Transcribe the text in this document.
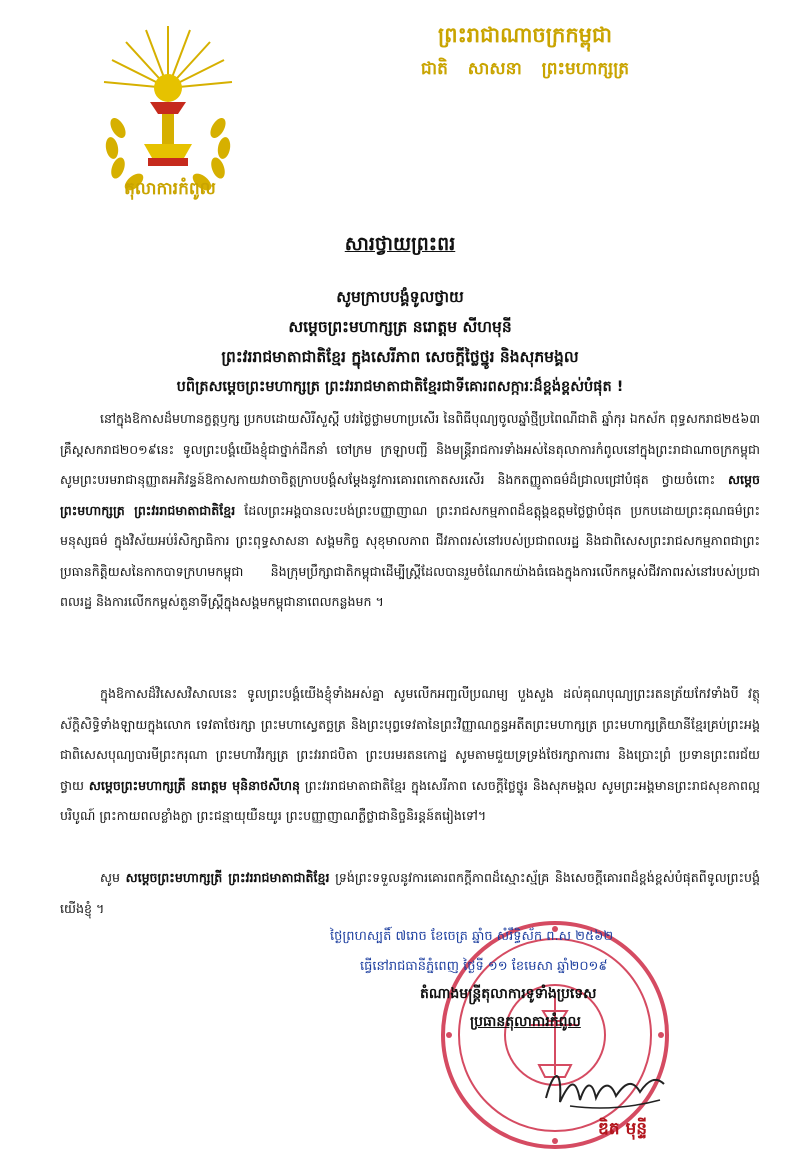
តុលាការកំពូល
ព្រះរាជាណាចក្រកម្ពុជា
ជាតិ សាសនា ព្រះមហាក្សត្រ
សារថ្វាយព្រះពរ
សូមក្រាបបង្គំទូលថ្វាយ
សម្តេចព្រះមហាក្សត្រ នរោត្តម សីហមុនី
ព្រះវររាជមាតាជាតិខ្មែរ ក្នុងសេរីភាព សេចក្តីថ្លៃថ្នូរ និងសុភមង្គល
បពិត្រសម្តេចព្រះមហាក្សត្រ ព្រះវររាជមាតាជាតិខ្មែរជាទីគោរពសក្ការៈដ៏ខ្ពង់ខ្ពស់បំផុត !
នៅក្នុងឱកាសដ៏មហានក្ខត្តឫក្ស ប្រកបដោយសិរីសួស្តី បវរថ្លៃថ្លាមហាប្រសើរ នៃពិធីបុណ្យចូលឆ្នាំថ្មីប្រពៃណីជាតិ ឆ្នាំកុរ ឯកស័ក ពុទ្ធសករាជ២៥៦៣ គ្រឹស្តសករាជ២០១៩នេះ ទូលព្រះបង្គំយើងខ្ញុំជាថ្នាក់ដឹកនាំ ចៅក្រម ក្រឡាបញ្ជី និងមន្រ្តីរាជការទាំងអស់នៃតុលាការកំពូលនៅក្នុងព្រះរាជាណាចក្រកម្ពុជា សូមព្រះបរមរាជានុញ្ញាតអភិវន្ទន៍ឱកាសកាយវាចាចិត្តក្រាបបង្គំសម្តែងនូវការគោរពកោតសរសើរ និងកតញ្ញូតាធម៌ដ៏ជ្រាលជ្រៅបំផុត ថ្វាយចំពោះ សម្តេចព្រះមហាក្សត្រ ព្រះវររាជមាតាជាតិខ្មែរ ដែលព្រះអង្គបានលះបង់ព្រះបញ្ញាញាណ ព្រះរាជសកម្មភាពដ៏ឧត្តុង្គឧត្តមថ្លៃថ្លាបំផុត ប្រកបដោយព្រះគុណធម៌ព្រះមនុស្សធម៌ ក្នុងវិស័យអប់រំសិក្សាធិការ ព្រះពុទ្ធសាសនា សង្គមកិច្ច សុខុមាលភាព ជីវភាពរស់នៅរបស់ប្រជាពលរដ្ឋ និងជាពិសេសព្រះរាជសកម្មភាពជាព្រះប្រធានកិត្តិយសនៃកាកបាទក្រហមកម្ពុជា និងក្រុមប្រឹក្សាជាតិកម្ពុជាដើម្បីស្រ្តីដែលបានរួមចំណែកយ៉ាងធំធេងក្នុងការលើកកម្ពស់ជីវភាពរស់នៅរបស់ប្រជាពលរដ្ឋ និងការលើកកម្ពស់តួនាទីស្រ្តីក្នុងសង្គមកម្ពុជានាពេលកន្លងមក ។
ក្នុងឱកាសដ៏វិសេសវិសាលនេះ ទូលព្រះបង្គំយើងខ្ញុំទាំងអស់គ្នា សូមលើកអញ្ជលីប្រណម្យ បួងសួង ដល់គុណបុណ្យព្រះរតនត្រ័យកែវទាំងបី វត្ថុស័ក្តិសិទ្ធិទាំងឡាយក្នុងលោក ទេវតាថែរក្សា ព្រះមហាស្វេតច្ឆត្រ និងព្រះបុព្វទេវតានៃព្រះវិញ្ញាណក្ខន្ធអតីតព្រះមហាក្សត្រ ព្រះមហាក្សត្រិយានីខ្មែរគ្រប់ព្រះអង្គ ជាពិសេសបុណ្យបារមីព្រះករុណា ព្រះមហាវីរក្សត្រ ព្រះវររាជបិតា ព្រះបរមរតនកោដ្ឋ សូមតាមជួយទ្រទ្រង់ថែរក្សាការពារ និងប្រោះព្រំ ប្រទានព្រះពរជ័យ ថ្វាយ សម្តេចព្រះមហាក្សត្រី នរោត្តម មុនិនាថសីហនុ ព្រះវររាជមាតាជាតិខ្មែរ ក្នុងសេរីភាព សេចក្តីថ្លៃថ្នូរ និងសុភមង្គល សូមព្រះអង្គមានព្រះរាជសុខភាពល្អបរិបូណ៍ ព្រះកាយពលខ្លាំងក្លា ព្រះជន្មាយុយឺនយូរ ព្រះបញ្ញាញាណភ្លឺថ្លាជានិច្ចនិរន្តន៍តរៀងទៅ។
សូម សម្តេចព្រះមហាក្សត្រី ព្រះវររាជមាតាជាតិខ្មែរ ទ្រង់ព្រះទទួលនូវការគោរពកក្តីភាពដ៏ស្មោះស្ម័គ្រ និងសេចក្តីគោរពដ៏ខ្ពង់ខ្ពស់បំផុតពីទូលព្រះបង្គំយើងខ្ញុំ ។
ថ្ងៃព្រហស្បតិ៍ ៧រោច ខែចេត្រ ឆ្នាំច សំរឹទ្ធិស័ក ព.ស ២៥៦២
ធ្វើនៅរាជធានីភ្នំពេញ ថ្ងៃទី ១១ ខែមេសា ឆ្នាំ២០១៩
តំណាងមន្ត្រីតុលាការទូទាំងប្រទេស
ប្រធានតុលាការកំពូល
ឌិត មុន្ទី
